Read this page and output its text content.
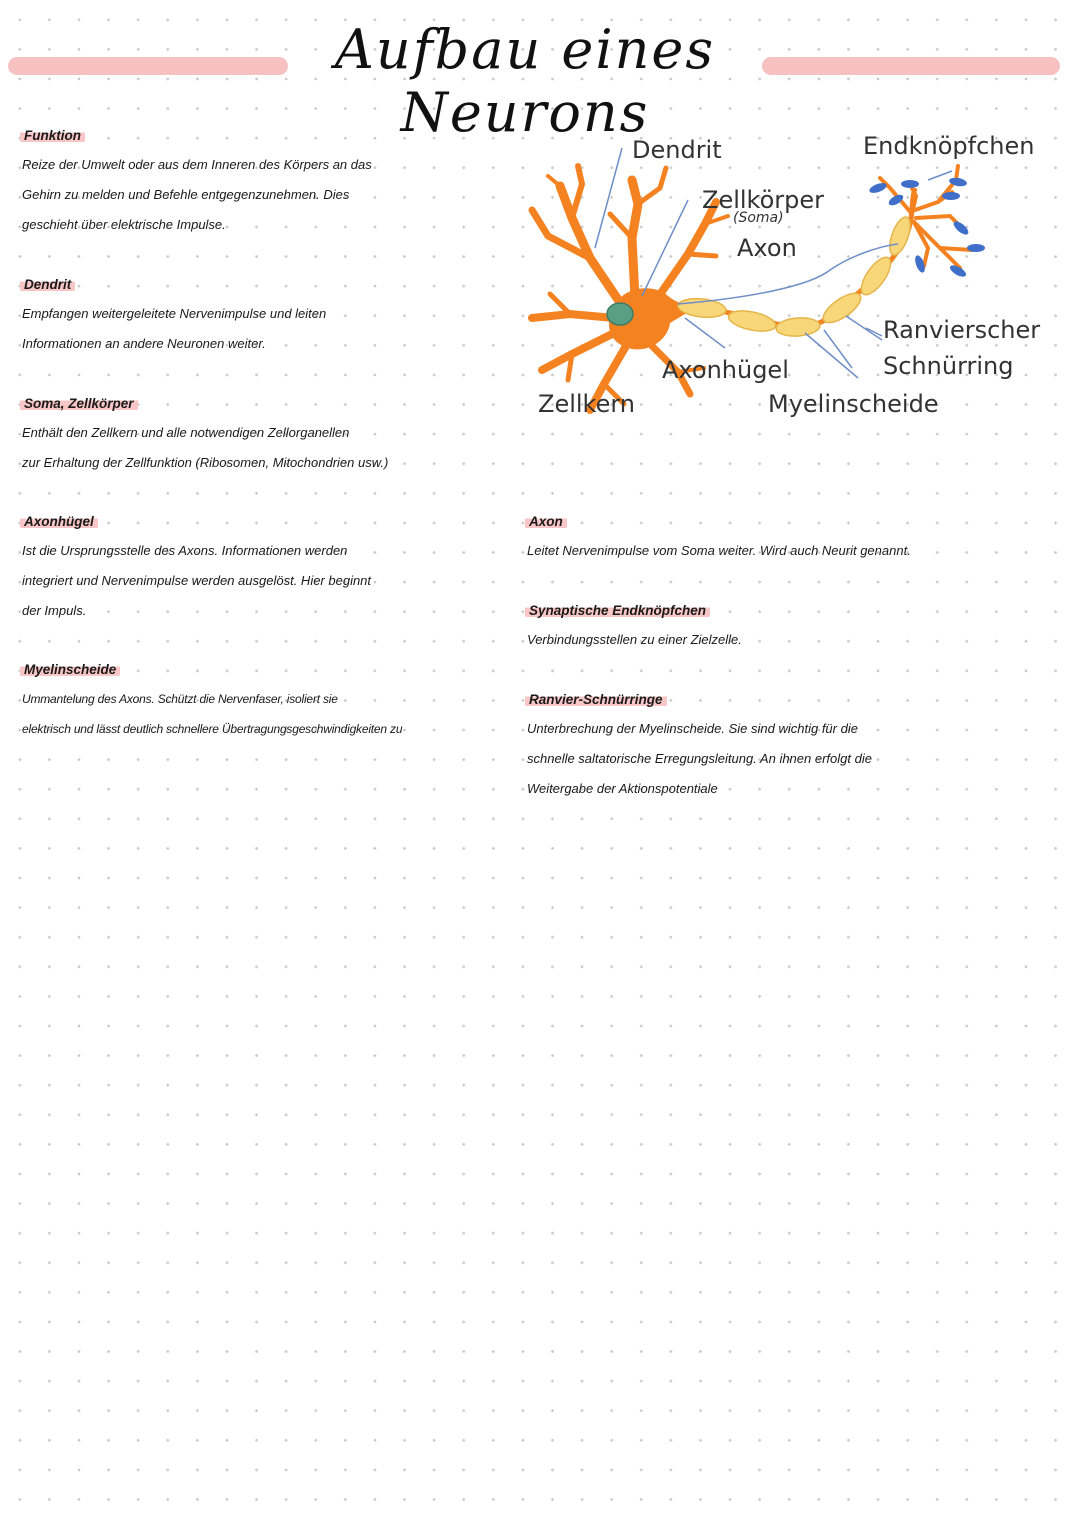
Aufbau eines Neurons
Funktion
Reize der Umwelt oder aus dem Inneren des Körpers an das
Gehirn zu melden und Befehle entgegenzunehmen. Dies
geschieht über elektrische Impulse.
Dendrit
Empfangen weitergeleitete Nervenimpulse und leiten
Informationen an andere Neuronen weiter.
Soma, Zellkörper
Enthält den Zellkern und alle notwendigen Zellorganellen
zur Erhaltung der Zellfunktion (Ribosomen, Mitochondrien usw.)
Axonhügel
Ist die Ursprungsstelle des Axons. Informationen werden
integriert und Nervenimpulse werden ausgelöst. Hier beginnt
der Impuls.
Myelinscheide
Ummantelung des Axons. Schützt die Nervenfaser, isoliert sie
elektrisch und lässt deutlich schnellere Übertragungsgeschwindigkeiten zu
Axon
Leitet Nervenimpulse vom Soma weiter. Wird auch Neurit genannt.
Synaptische Endknöpfchen
Verbindungsstellen zu einer Zielzelle.
Ranvier-Schnürringe
Unterbrechung der Myelinscheide. Sie sind wichtig für die
schnelle saltatorische Erregungsleitung. An ihnen erfolgt die
Weitergabe der Aktionspotentiale
Dendrit	Endknöpfchen
Zellkörper
(Soma)
Axon
Ranvierscher
Schnürring
Axonhügel
Zellkern	Myelinscheide
